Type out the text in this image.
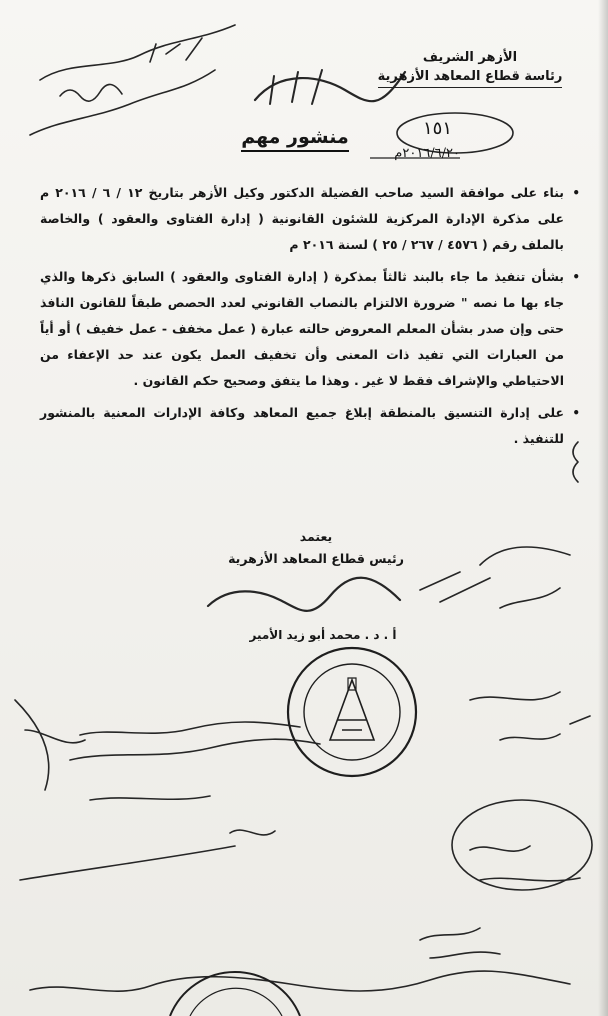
الأزهر الشريف
رئاسة قطاع المعاهد الأزهرية
١٥١
٢٠١٦/٦/٢٠م
منشور مهم
•
بناء على موافقة السيد صاحب الفضيلة الدكتور وكيل الأزهر بتاريخ ١٢ / ٦ / ٢٠١٦ م على مذكرة الإدارة المركزية للشئون القانونية ( إدارة الفتاوى والعقود ) والخاصة بالملف رقم ( ٤٥٧٦ / ٢٦٧ / ٢٥ ) لسنة ٢٠١٦ م
•
بشأن تنفيذ ما جاء بالبند ثالثاً بمذكرة ( إدارة الفتاوى والعقود ) السابق ذكرها والذي جاء بها ما نصه " ضرورة الالتزام بالنصاب القانوني لعدد الحصص طبقاً للقانون النافذ حتى وإن صدر بشأن المعلم المعروض حالته عبارة ( عمل مخفف - عمل خفيف ) أو أياً من العبارات التي تفيد ذات المعنى وأن تخفيف العمل يكون عند حد الإعفاء من الاحتياطي والإشراف فقط لا غير . وهذا ما يتفق وصحيح حكم القانون .
•
على إدارة التنسيق بالمنطقة إبلاغ جميع المعاهد وكافة الإدارات المعنية بالمنشور للتنفيذ .
يعتمد
رئيس قطاع المعاهد الأزهرية
أ . د . محمد أبو زيد الأمير
